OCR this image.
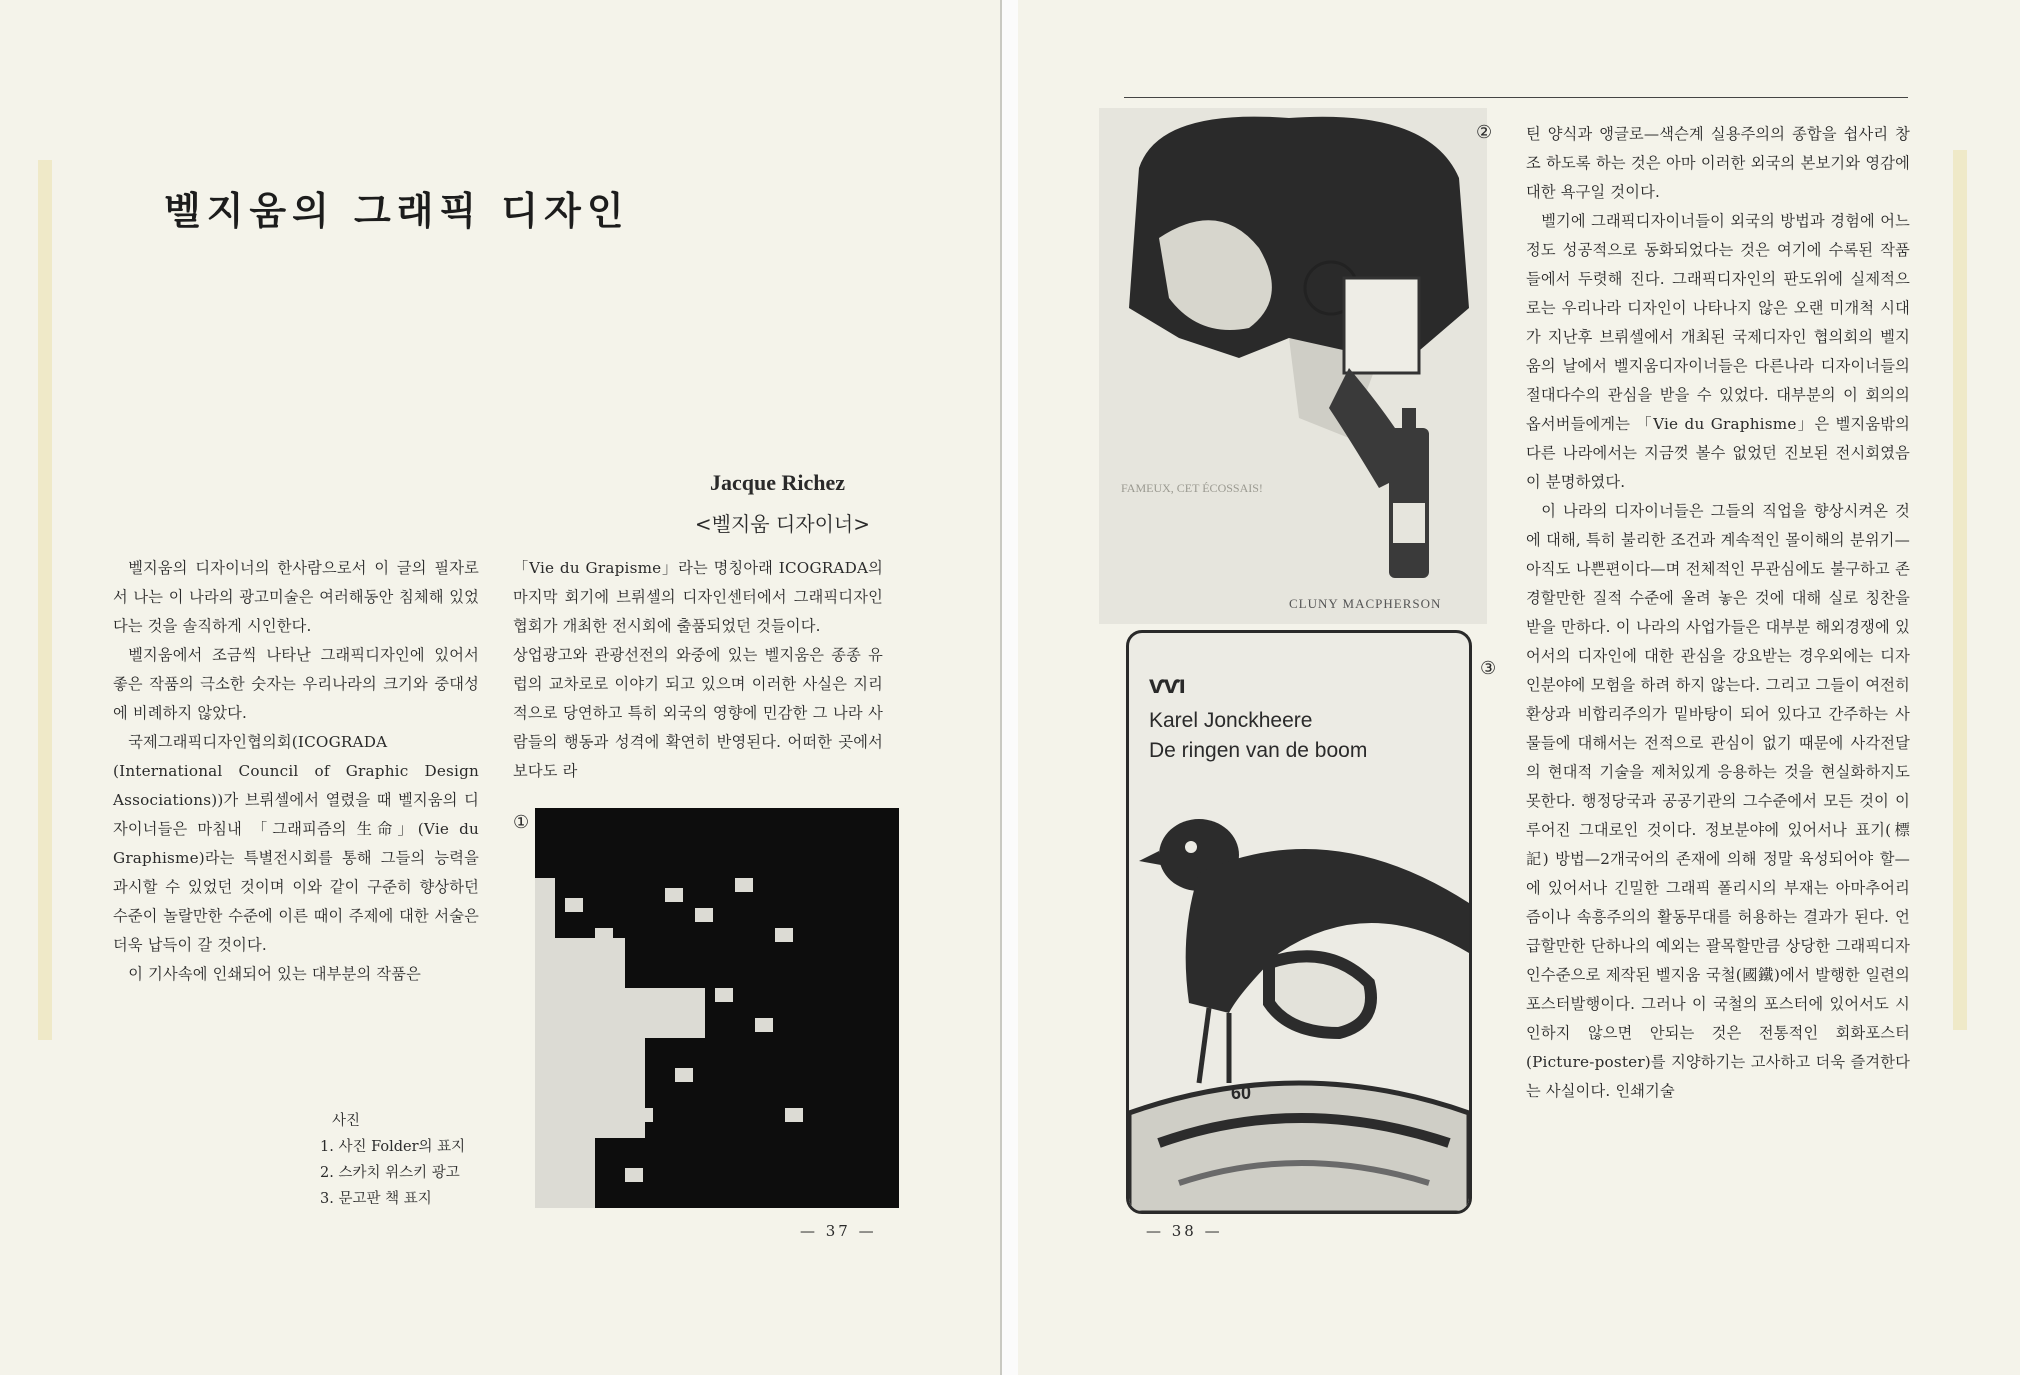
벨지움의 그래픽 디자인
Jacque Richez
<벨지움 디자이너>

벨지움의 디자이너의 한사람으로서 이 글의 필자로서 나는 이 나라의 광고미술은 여러해동안 침체해 있었다는 것을 솔직하게 시인한다.

벨지움에서 조금씩 나타난 그래픽디자인에 있어서 좋은 작품의 극소한 숫자는 우리나라의 크기와 중대성에 비례하지 않았다.

국제그래픽디자인협의회(ICOGRADA (International Council of Graphic Design Associations))가 브뤼셀에서 열렸을 때 벨지움의 디자이너들은 마침내 「그래피즘의 生命」(Vie du Graphisme)라는 특별전시회를 통해 그들의 능력을 과시할 수 있었던 것이며 이와 같이 구준히 향상하던 수준이 놀랄만한 수준에 이른 때이 주제에 대한 서술은 더욱 납득이 갈 것이다.

이 기사속에 인쇄되어 있는 대부분의 작품은

「Vie du Grapisme」라는 명칭아래 ICOGRADA의 마지막 회기에 브뤼셀의 디자인센터에서 그래픽디자인협회가 개최한 전시회에 출품되었던 것들이다.

상업광고와 관광선전의 와중에 있는 벨지움은 종종 유럽의 교차로로 이야기 되고 있으며 이러한 사실은 지리적으로 당연하고 특히 외국의 영향에 민감한 그 나라 사람들의 행동과 성격에 확연히 반영된다. 어떠한 곳에서 보다도 라

①
사진
1. 사진 Folder의 표지
2. 스카치 위스키 광고
3. 문고판 책 표지
— 37 —
FAMEUX, CET ÉCOSSAIS!
CLUNY MACPHERSON
②
ѵѵı
Karel Jonckheere
De ringen van de boom
60
③

틴 양식과 앵글로—색슨계 실용주의의 종합을 쉽사리 창조 하도록 하는 것은 아마 이러한 외국의 본보기와 영감에 대한 욕구일 것이다.

벨기에 그래픽디자이너들이 외국의 방법과 경험에 어느 정도 성공적으로 동화되었다는 것은 여기에 수록된 작품들에서 두렷해 진다. 그래픽디자인의 판도위에 실제적으로는 우리나라 디자인이 나타나지 않은 오랜 미개척 시대가 지난후 브뤼셀에서 개최된 국제디자인 협의회의 벨지움의 날에서 벨지움디자이너들은 다른나라 디자이너들의 절대다수의 관심을 받을 수 있었다. 대부분의 이 회의의 옵서버들에게는 「Vie du Graphisme」은 벨지움밖의 다른 나라에서는 지금껏 볼수 없었던 진보된 전시회였음이 분명하였다.

이 나라의 디자이너들은 그들의 직업을 향상시켜온 것에 대해, 특히 불리한 조건과 계속적인 몰이해의 분위기—아직도 나쁜편이다—며 전체적인 무관심에도 불구하고 존경할만한 질적 수준에 올려 놓은 것에 대해 실로 칭찬을 받을 만하다. 이 나라의 사업가들은 대부분 해외경쟁에 있어서의 디자인에 대한 관심을 강요받는 경우외에는 디자인분야에 모험을 하려 하지 않는다. 그리고 그들이 여전히 환상과 비합리주의가 밑바탕이 되어 있다고 간주하는 사물들에 대해서는 전적으로 관심이 없기 때문에 사각전달의 현대적 기술을 제처있게 응용하는 것을 현실화하지도 못한다. 행정당국과 공공기관의 그수준에서 모든 것이 이루어진 그대로인 것이다. 정보분야에 있어서나 표기(標記) 방법—2개국어의 존재에 의해 정말 육성되어야 할—에 있어서나 긴밀한 그래픽 폴리시의 부재는 아마추어리즘이나 속흥주의의 활동무대를 허용하는 결과가 된다. 언급할만한 단하나의 예외는 괄목할만큼 상당한 그래픽디자인수준으로 제작된 벨지움 국철(國鐵)에서 발행한 일련의 포스터발행이다. 그러나 이 국철의 포스터에 있어서도 시인하지 않으면 안되는 것은 전통적인 회화포스터(Picture-poster)를 지양하기는 고사하고 더욱 즐겨한다는 사실이다. 인쇄기술

— 38 —
